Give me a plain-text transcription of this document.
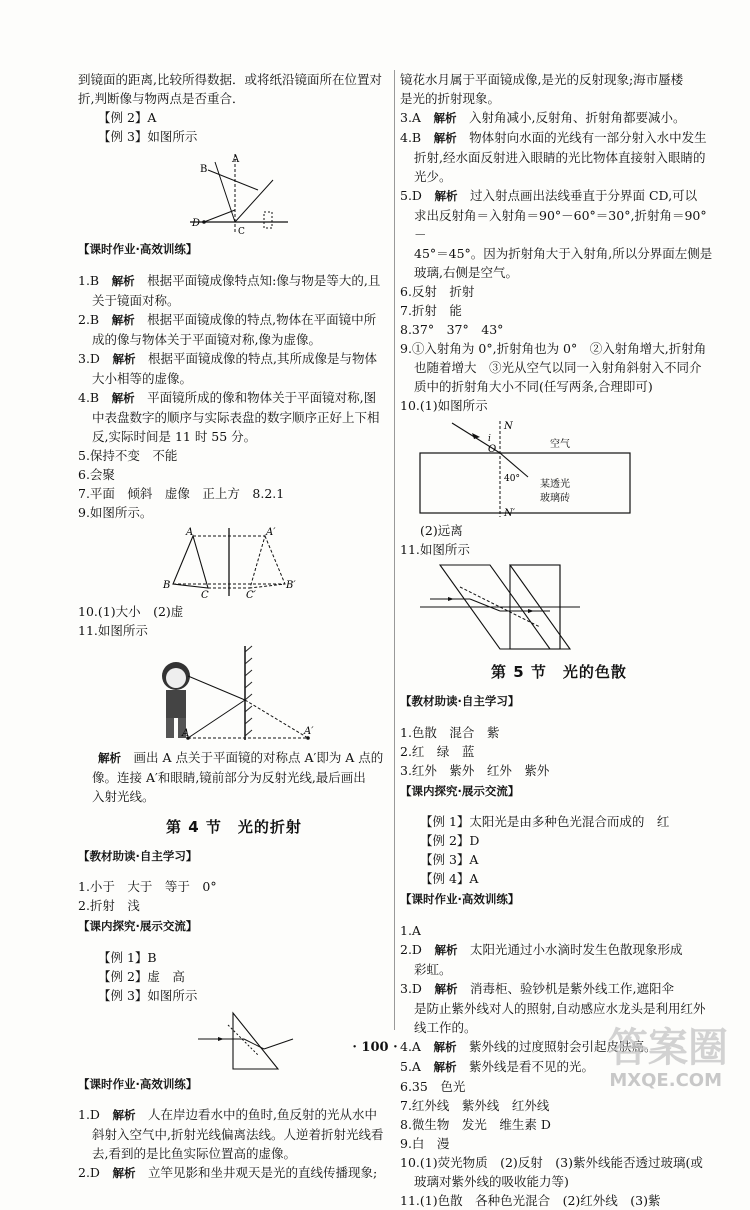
到镜面的距离,比较所得数据．或将纸沿镜面所在位置对

折,判断像与物两点是否重合．

【例 2】A

【例 3】如图所示

A
B
D
C

【课时作业·高效训练】

1.B　 解析　 根据平面镜成像特点知:像与物是等大的,且

关于镜面对称。

2.B　 解析　 根据平面镜成像的特点,物体在平面镜中所

成的像与物体关于平面镜对称,像为虚像。

3.D　 解析　 根据平面镜成像的特点,其所成像是与物体

大小相等的虚像。

4.B　 解析　 平面镜所成的像和物体关于平面镜对称,图

中表盘数字的顺序与实际表盘的数字顺序正好上下相

反,实际时间是 11 时 55 分。

5.保持不变　不能

6.会聚

7.平面　倾斜　虚像　正上方　8.2.1

9.如图所示。

A	A′
B	B′
C	C′

10.(1)大小　(2)虚

11.如图所示

A′
A

解析　 画出 A 点关于平面镜的对称点 A′即为 A 点的

像。连接 A′和眼睛,镜前部分为反射光线,最后画出

入射光线。

第 4 节　光的折射

【教材助读·自主学习】

1.小于　大于　等于　0°

2.折射　浅

【课内探究·展示交流】

【例 1】B

【例 2】虚　高

【例 3】如图所示

【课时作业·高效训练】

1.D　 解析　 人在岸边看水中的鱼时,鱼反射的光从水中

斜射入空气中,折射光线偏离法线。人逆着折射光线看

去,看到的是比鱼实际位置高的虚像。

2.D　 解析　 立竿见影和坐井观天是光的直线传播现象;

镜花水月属于平面镜成像,是光的反射现象;海市蜃楼

是光的折射现象。

3.A　 解析　 入射角减小,反射角、折射角都要减小。

4.B　 解析　 物体射向水面的光线有一部分射入水中发生

折射,经水面反射进入眼睛的光比物体直接射入眼睛的

光少。

5.D　 解析　 过入射点画出法线垂直于分界面 CD,可以

求出反射角＝入射角＝90°－60°＝30°,折射角＝90°－

45°＝45°。因为折射角大于入射角,所以分界面左侧是

玻璃,右侧是空气。

6.反射　折射

7.折射　能

8.37°　37°　43°

9.①入射角为 0°,折射角也为 0°　②入射角增大,折射角

也随着增大　③光从空气以同一入射角斜射入不同介

质中的折射角大小不同(任写两条,合理即可)

10.(1)如图所示

N
N′
O
i	空气
40° 某透光
玻璃砖

(2)远离

11.如图所示

第 5 节　光的色散

【教材助读·自主学习】

1.色散　混合　紫

2.红　绿　蓝

3.红外　紫外　红外　紫外

【课内探究·展示交流】

【例 1】太阳光是由多种色光混合而成的　红

【例 2】D

【例 3】A

【例 4】A

【课时作业·高效训练】

1.A

2.D　 解析　 太阳光通过小水滴时发生色散现象形成

彩虹。

3.D　 解析　 消毒柜、验钞机是紫外线工作,遮阳伞

是防止紫外线对人的照射,自动感应水龙头是利用红外

线工作的。

4.A　 解析　 紫外线的过度照射会引起皮肤癌。

5.A　 解析　 紫外线是看不见的光。

6.35　色光

7.红外线　紫外线　红外线

8.微生物　发光　维生素 D

9.白　漫

10.(1)荧光物质　(2)反射　(3)紫外线能否透过玻璃(或

玻璃对紫外线的吸收能力等)

11.(1)色散　各种色光混合　(2)红外线　(3)紫

· 100 ·	答案圈
MXQE.COM
